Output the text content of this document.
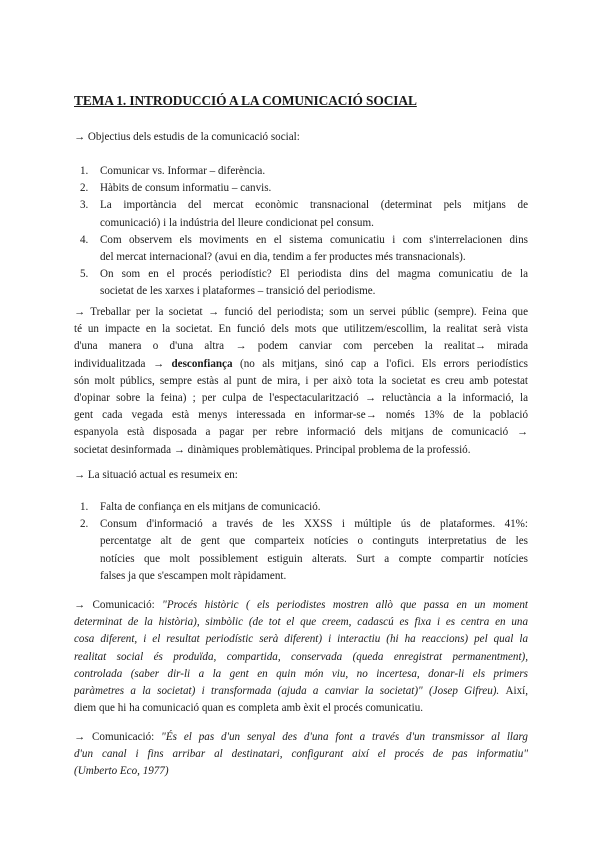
TEMA 1. INTRODUCCIÓ A LA COMUNICACIÓ SOCIAL
→ Objectius dels estudis de la comunicació social:
1. Comunicar vs. Informar – diferència.
2. Hàbits de consum informatiu – canvis.
3. La importància del mercat econòmic transnacional (determinat pels mitjans de
comunicació) i la indústria del lleure condicionat pel consum.
4. Com observem els moviments en el sistema comunicatiu i com s'interrelacionen dins
del mercat internacional? (avui en dia, tendim a fer productes més transnacionals).
5. On som en el procés periodístic? El periodista dins del magma comunicatiu de la
societat de les xarxes i plataformes – transició del periodisme.
→ Treballar per la societat → funció del periodista; som un servei públic (sempre). Feina que
té un impacte en la societat. En funció dels mots que utilitzem/escollim, la realitat serà vista
d'una manera o d'una altra → podem canviar com perceben la realitat→ mirada
individualitzada → desconfiança (no als mitjans, sinó cap a l'ofici. Els errors periodístics
són molt públics, sempre estàs al punt de mira, i per això tota la societat es creu amb potestat
d'opinar sobre la feina) ; per culpa de l'espectacularització → reluctància a la informació, la
gent cada vegada està menys interessada en informar-se→ només 13% de la població
espanyola està disposada a pagar per rebre informació dels mitjans de comunicació →
societat desinformada → dinàmiques problemàtiques. Principal problema de la professió.
→ La situació actual es resumeix en:
1. Falta de confiança en els mitjans de comunicació.
2. Consum d'informació a través de les XXSS i múltiple ús de plataformes. 41%:
percentatge alt de gent que comparteix notícies o continguts interpretatius de les
notícies que molt possiblement estiguin alterats. Surt a compte compartir notícies
falses ja que s'escampen molt ràpidament.
→ Comunicació: "Procés històric ( els periodistes mostren allò que passa en un moment
determinat de la història), simbòlic (de tot el que creem, cadascú es fixa i es centra en una
cosa diferent, i el resultat periodístic serà diferent) i interactiu (hi ha reaccions) pel qual la
realitat social és produïda, compartida, conservada (queda enregistrat permanentment),
controlada (saber dir-li a la gent en quin món viu, no incertesa, donar-li els primers
paràmetres a la societat) i transformada (ajuda a canviar la societat)" (Josep Gifreu). Així,
diem que hi ha comunicació quan es completa amb èxit el procés comunicatiu.
→ Comunicació: "És el pas d'un senyal des d'una font a través d'un transmissor al llarg
d'un canal i fins arribar al destinatari, configurant així el procés de pas informatiu"
(Umberto Eco, 1977)
